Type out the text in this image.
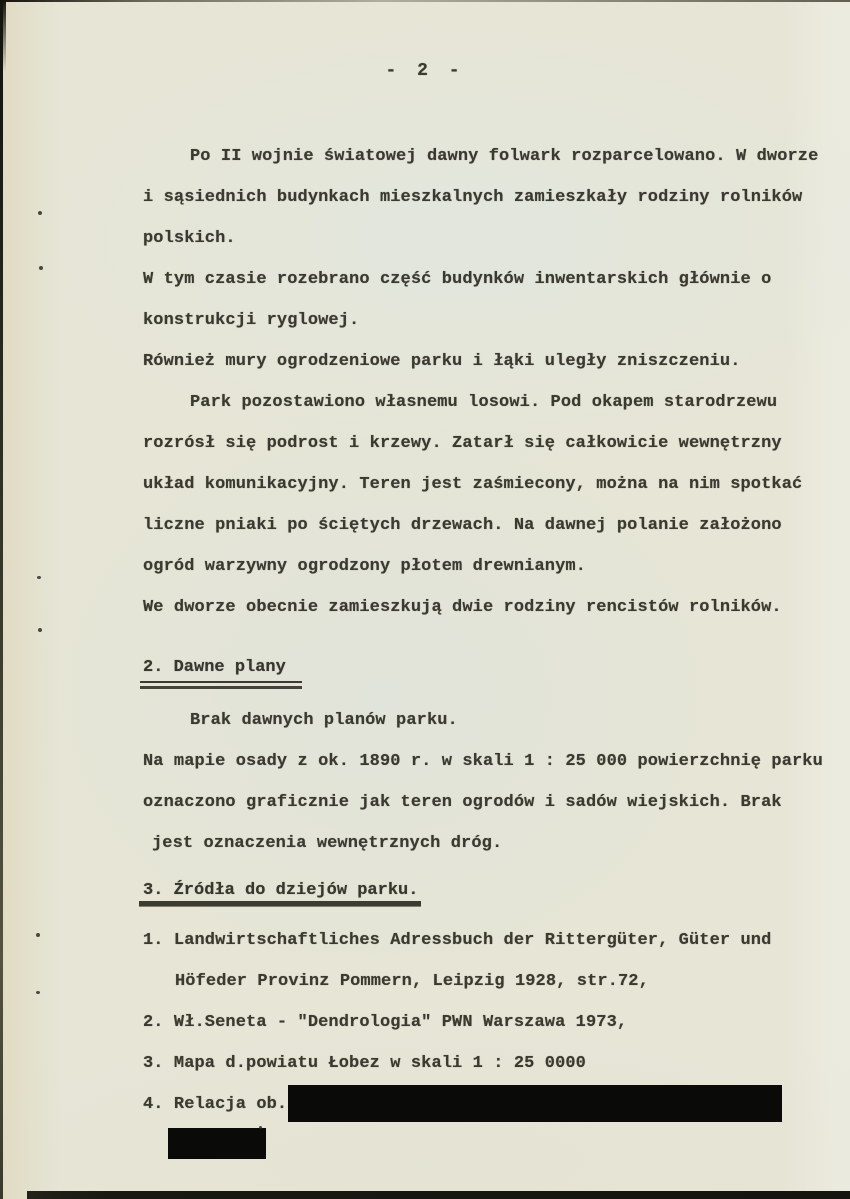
- 2 -
Po II wojnie światowej dawny folwark rozparcelowano. W dworze
i sąsiednich budynkach mieszkalnych zamieszkały rodziny rolników
polskich.
W tym czasie rozebrano część budynków inwentarskich głównie o
konstrukcji ryglowej.
Również mury ogrodzeniowe parku i łąki uległy zniszczeniu.
Park pozostawiono własnemu losowi. Pod okapem starodrzewu
rozrósł się podrost i krzewy. Zatarł się całkowicie wewnętrzny
układ komunikacyjny. Teren jest zaśmiecony, można na nim spotkać
liczne pniaki po ściętych drzewach. Na dawnej polanie założono
ogród warzywny ogrodzony płotem drewnianym.
We dworze obecnie zamieszkują dwie rodziny rencistów rolników.
2. Dawne plany
Brak dawnych planów parku.
Na mapie osady z ok. 1890 r. w skali 1 : 25 000 powierzchnię parku
oznaczono graficznie jak teren ogrodów i sadów wiejskich. Brak
jest oznaczenia wewnętrznych dróg.
3. Źródła do dziejów parku.
1. Landwirtschaftliches Adressbuch der Rittergüter, Güter und
Höfeder Provinz Pommern, Leipzig 1928, str.72,
2. Wł.Seneta - "Dendrologia" PWN Warszawa 1973,
3. Mapa d.powiatu Łobez w skali 1 : 25 0000
4. Relacja ob.
